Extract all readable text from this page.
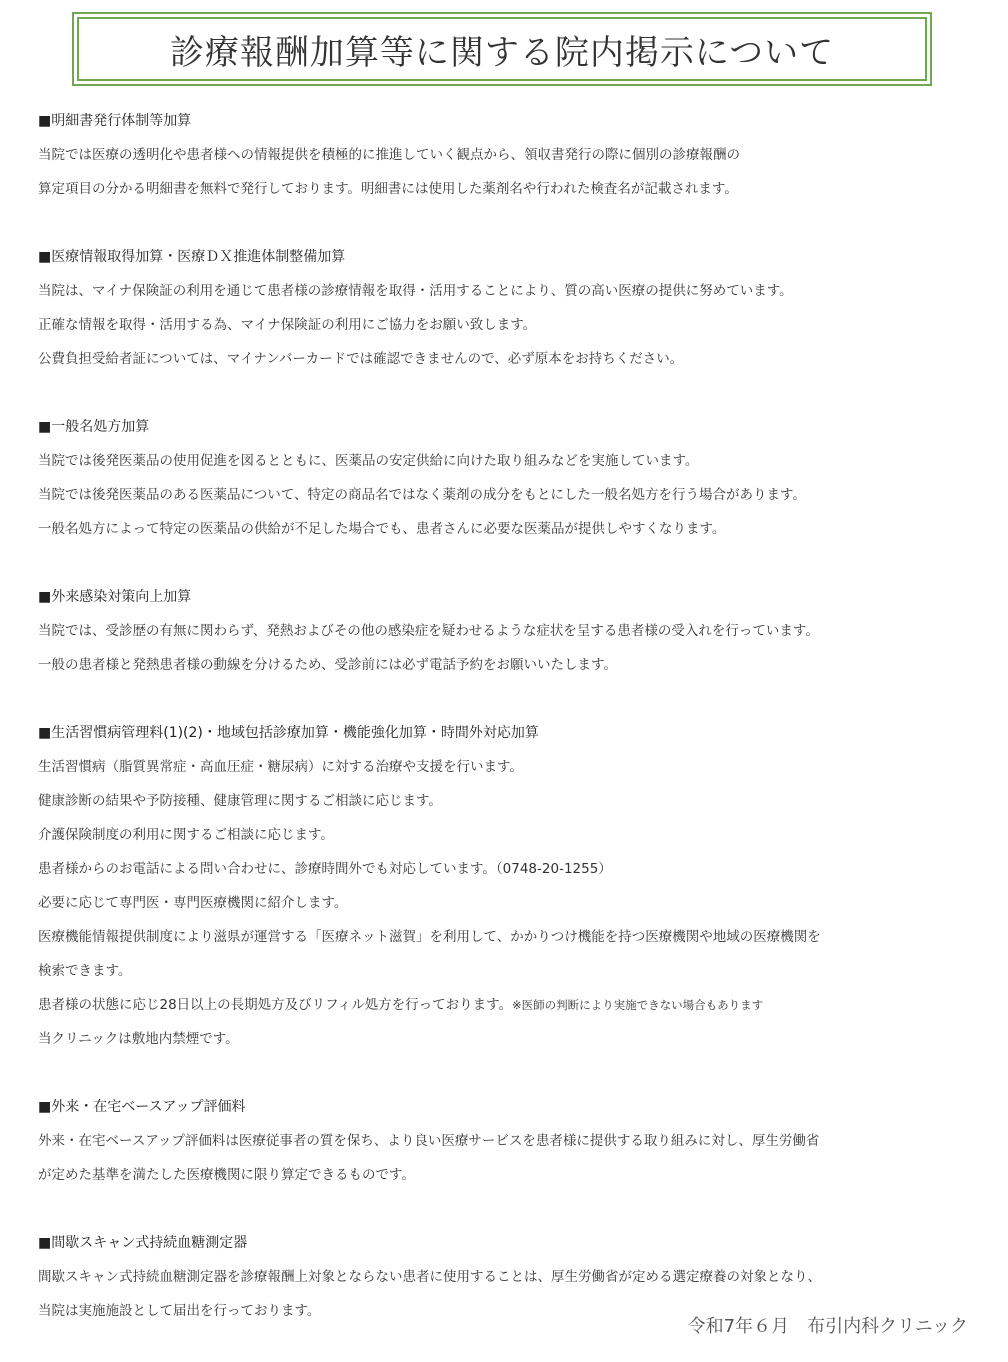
診療報酬加算等に関する院内掲示について
■明細書発行体制等加算
当院では医療の透明化や患者様への情報提供を積極的に推進していく観点から、領収書発行の際に個別の診療報酬の
算定項目の分かる明細書を無料で発行しております。明細書には使用した薬剤名や行われた検査名が記載されます。
■医療情報取得加算・医療ＤＸ推進体制整備加算
当院は、マイナ保険証の利用を通じて患者様の診療情報を取得・活用することにより、質の高い医療の提供に努めています。
正確な情報を取得・活用する為、マイナ保険証の利用にご協力をお願い致します。
公費負担受給者証については、マイナンバーカードでは確認できませんので、必ず原本をお持ちください。
■一般名処方加算
当院では後発医薬品の使用促進を図るとともに、医薬品の安定供給に向けた取り組みなどを実施しています。
当院では後発医薬品のある医薬品について、特定の商品名ではなく薬剤の成分をもとにした一般名処方を行う場合があります。
一般名処方によって特定の医薬品の供給が不足した場合でも、患者さんに必要な医薬品が提供しやすくなります。
■外来感染対策向上加算
当院では、受診歴の有無に関わらず、発熱およびその他の感染症を疑わせるような症状を呈する患者様の受入れを行っています。
一般の患者様と発熱患者様の動線を分けるため、受診前には必ず電話予約をお願いいたします。
■生活習慣病管理料(1)(2)・地域包括診療加算・機能強化加算・時間外対応加算
生活習慣病（脂質異常症・高血圧症・糖尿病）に対する治療や支援を行います。
健康診断の結果や予防接種、健康管理に関するご相談に応じます。
介護保険制度の利用に関するご相談に応じます。
患者様からのお電話による問い合わせに、診療時間外でも対応しています。（0748-20-1255）
必要に応じて専門医・専門医療機関に紹介します。
医療機能情報提供制度により滋県が運営する「医療ネット滋賀」を利用して、かかりつけ機能を持つ医療機関や地域の医療機関を
検索できます。
患者様の状態に応じ28日以上の長期処方及びリフィル処方を行っております。※医師の判断により実施できない場合もあります
当クリニックは敷地内禁煙です。
■外来・在宅ベースアップ評価料
外来・在宅ベースアップ評価料は医療従事者の質を保ち、より良い医療サービスを患者様に提供する取り組みに対し、厚生労働省
が定めた基準を満たした医療機関に限り算定できるものです。
■間歇スキャン式持続血糖測定器
間歇スキャン式持続血糖測定器を診療報酬上対象とならない患者に使用することは、厚生労働省が定める選定療養の対象となり、
当院は実施施設として届出を行っております。
令和7年６月　布引内科クリニック
